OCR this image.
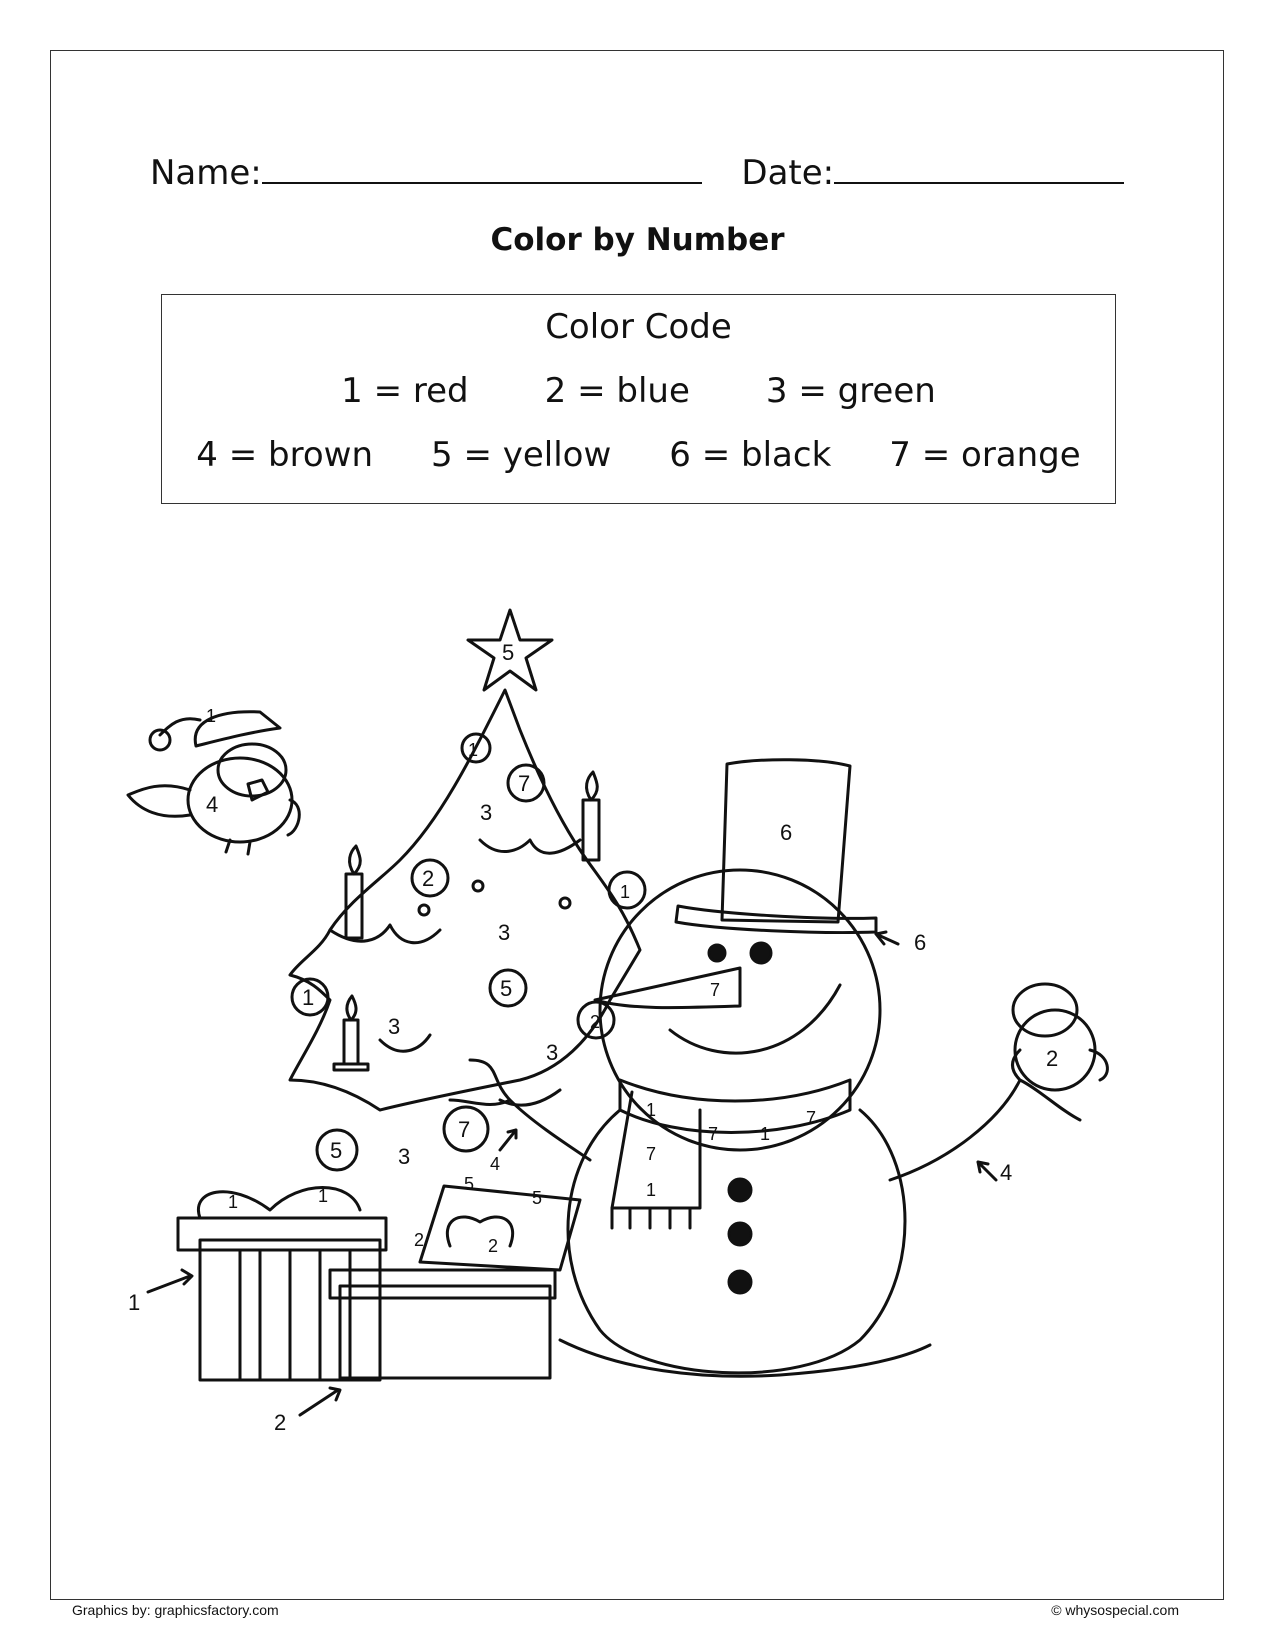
Name:	Date:
Color by Number
Color Code
1 = red 2 = blue 3 = green
4 = brown 5 = yellow 6 = black 7 = orange
5
6
6
7
1
4
2
4
4
1
7
2
1
1	5
2
7
5
3
3
3
3
3
1
7 1
7
7
1
1	1
1
5
5
2	2
2
Graphics by: graphicsfactory.com	© whysospecial.com
